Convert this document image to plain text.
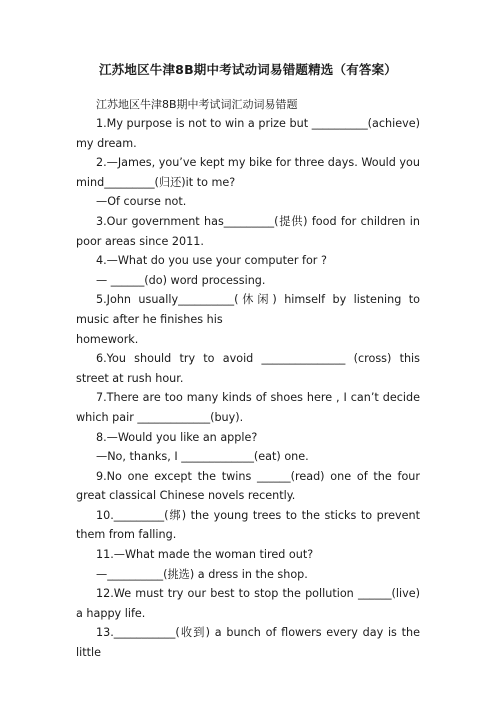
江苏地区牛津8B期中考试动词易错题精选（有答案）
江苏地区牛津8B期中考试词汇动词易错题

1.My purpose is not to win a prize but __________(achieve) my dream.

2.—James, you’ve kept my bike for three days. Would you mind_________(归还)it to me?

—Of course not.

3.Our government has_________(提供) food for children in poor areas since 2011.

4.—What do you use your computer for ?

— ______(do) word processing.

5.John usually__________(休闲) himself by listening to music after he finishes his

homework.

6.You should try to avoid _______________ (cross) this street at rush hour.

7.There are too many kinds of shoes here , I can’t decide which pair _____________(buy).

8.—Would you like an apple?

—No, thanks, I _____________(eat) one.

9.No one except the twins ______(read) one of the four great classical Chinese novels recently.

10._________(绑) the young trees to the sticks to prevent them from falling.

11.—What made the woman tired out?

—__________(挑选) a dress in the shop.

12.We must try our best to stop the pollution ______(live) a happy life.

13.___________(收到) a bunch of flowers every day is the little
